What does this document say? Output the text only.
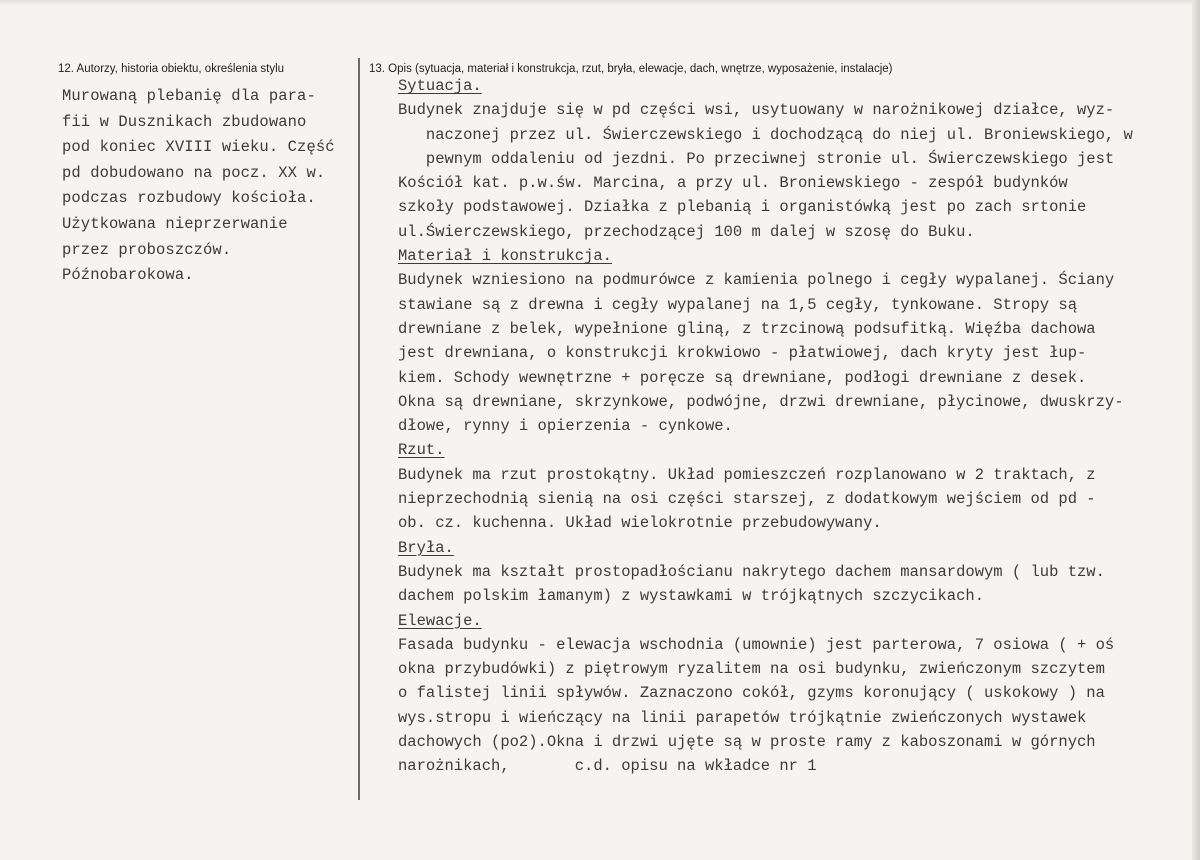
12. Autorzy, historia obiektu, określenia stylu	13. Opis (sytuacja, materiał i konstrukcja, rzut, bryła, elewacje, dach, wnętrze, wyposażenie, instalacje)
Murowaną plebanię dla para-
fii w Dusznikach zbudowano
pod koniec XVIII wieku. Część
pd dobudowano na pocz. XX w.
podczas rozbudowy kościoła.
Użytkowana nieprzerwanie
przez proboszczów.
Późnobarokowa.
Sytuacja.
Budynek znajduje się w pd części wsi, usytuowany w narożnikowej działce, wyz-
naczonej przez ul. Świerczewskiego i dochodzącą do niej ul. Broniewskiego, w
pewnym oddaleniu od jezdni. Po przeciwnej stronie ul. Świerczewskiego jest
Kościół kat. p.w.św. Marcina, a przy ul. Broniewskiego - zespół budynków
szkoły podstawowej. Działka z plebanią i organistówką jest po zach srtonie
ul.Świerczewskiego, przechodzącej 100 m dalej w szosę do Buku.
Materiał i konstrukcja.
Budynek wzniesiono na podmurówce z kamienia polnego i cegły wypalanej. Ściany
stawiane są z drewna i cegły wypalanej na 1,5 cegły, tynkowane. Stropy są
drewniane z belek, wypełnione gliną, z trzcinową podsufitką. Więźba dachowa
jest drewniana, o konstrukcji krokwiowo - płatwiowej, dach kryty jest łup-
kiem. Schody wewnętrzne + poręcze są drewniane, podłogi drewniane z desek.
Okna są drewniane, skrzynkowe, podwójne, drzwi drewniane, płycinowe, dwuskrzy-
dłowe, rynny i opierzenia - cynkowe.
Rzut.
Budynek ma rzut prostokątny. Układ pomieszczeń rozplanowano w 2 traktach, z
nieprzechodnią sienią na osi części starszej, z dodatkowym wejściem od pd -
ob. cz. kuchenna. Układ wielokrotnie przebudowywany.
Bryła.
Budynek ma kształt prostopadłościanu nakrytego dachem mansardowym ( lub tzw.
dachem polskim łamanym) z wystawkami w trójkątnych szczycikach.
Elewacje.
Fasada budynku - elewacja wschodnia (umownie) jest parterowa, 7 osiowa ( + oś
okna przybudówki) z piętrowym ryzalitem na osi budynku, zwieńczonym szczytem
o falistej linii spływów. Zaznaczono cokół, gzyms koronujący ( uskokowy ) na
wys.stropu i wieńczący na linii parapetów trójkątnie zwieńczonych wystawek
dachowych (po2).Okna i drzwi ujęte są w proste ramy z kaboszonami w górnych
narożnikach,       c.d. opisu na wkładce nr 1
